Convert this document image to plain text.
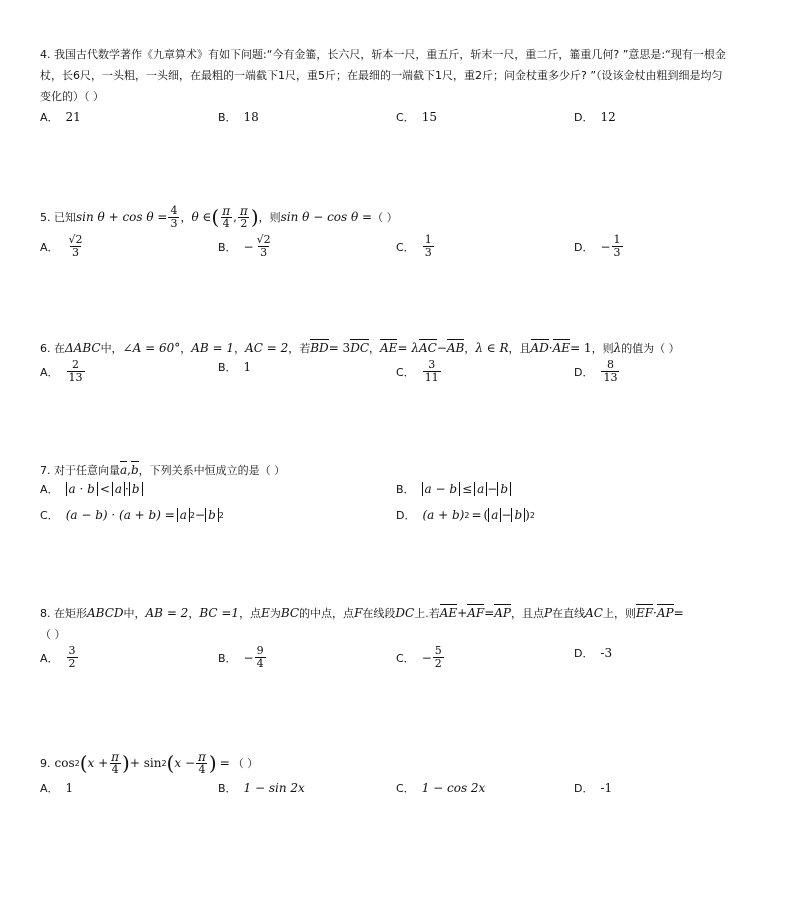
4. 我国古代数学著作《九章算术》有如下问题:“今有金箠，长六尺，斩本一尺，重五斤，斩末一尺，重二斤，箠重几何? ”意思是:“现有一根金
杖，长6尺，一头粗，一头细，在最粗的一端截下1尺，重5斤；在最细的一端截下1尺，重2斤；问金杖重多少斤? ”（设该金杖由粗到细是均匀
变化的）（ ）
A． 21	B． 18	C． 15	D． 12
5. 已知 $\sin \theta + \cos \theta = \frac{4}{3}$ ， θ ∈ ( $\frac{\pi}{4}$ , $\frac{\pi}{2}$ ) ，则 sin θ − cos θ = （ ）
A． $\frac{√2}{3}$	B． − $\frac{√2}{3}$	C． $\frac{1}{3}$	D． − $\frac{1}{3}$
6. 在 ΔABC 中， ∠A = 60° ， AB = 1 ， AC = 2 ，若 BD = 3 DC ， AE = λ AC − AB ， λ ∈ R ，且 AD · AE = 1 ，则 λ 的值为（ ）
A． $\frac{2}{13}$	B． 1	C． $\frac{3}{11}$	D． $\frac{8}{13}$
7. 对于任意向量 a , b ，下列关系中恒成立的是（ ）
A． a · b < a · b	B． a − b ≤ a − b
C． (a − b) · (a + b) = a 2 − b 2	D． (a + b) 2 = ( a − b ) 2
8. 在矩形 ABCD 中， AB = 2 ， BC =1 ，点 E 为 BC 的中点，点 F 在线段 DC 上.若 AE + AF = AP ，且点 P 在直线 AC 上，则 EF · AP =
（ ）
A． $\frac{3}{2}$	B． − $\frac{9}{4}$	C． − $\frac{5}{2}$	D． -3
9. cos 2 ( $x + \frac{\pi}{4}$ ) + sin 2 ( $x - \frac{\pi}{4}$ ) = （ ）
A． 1	B． 1 − sin 2x	C． 1 − cos 2x	D． -1
